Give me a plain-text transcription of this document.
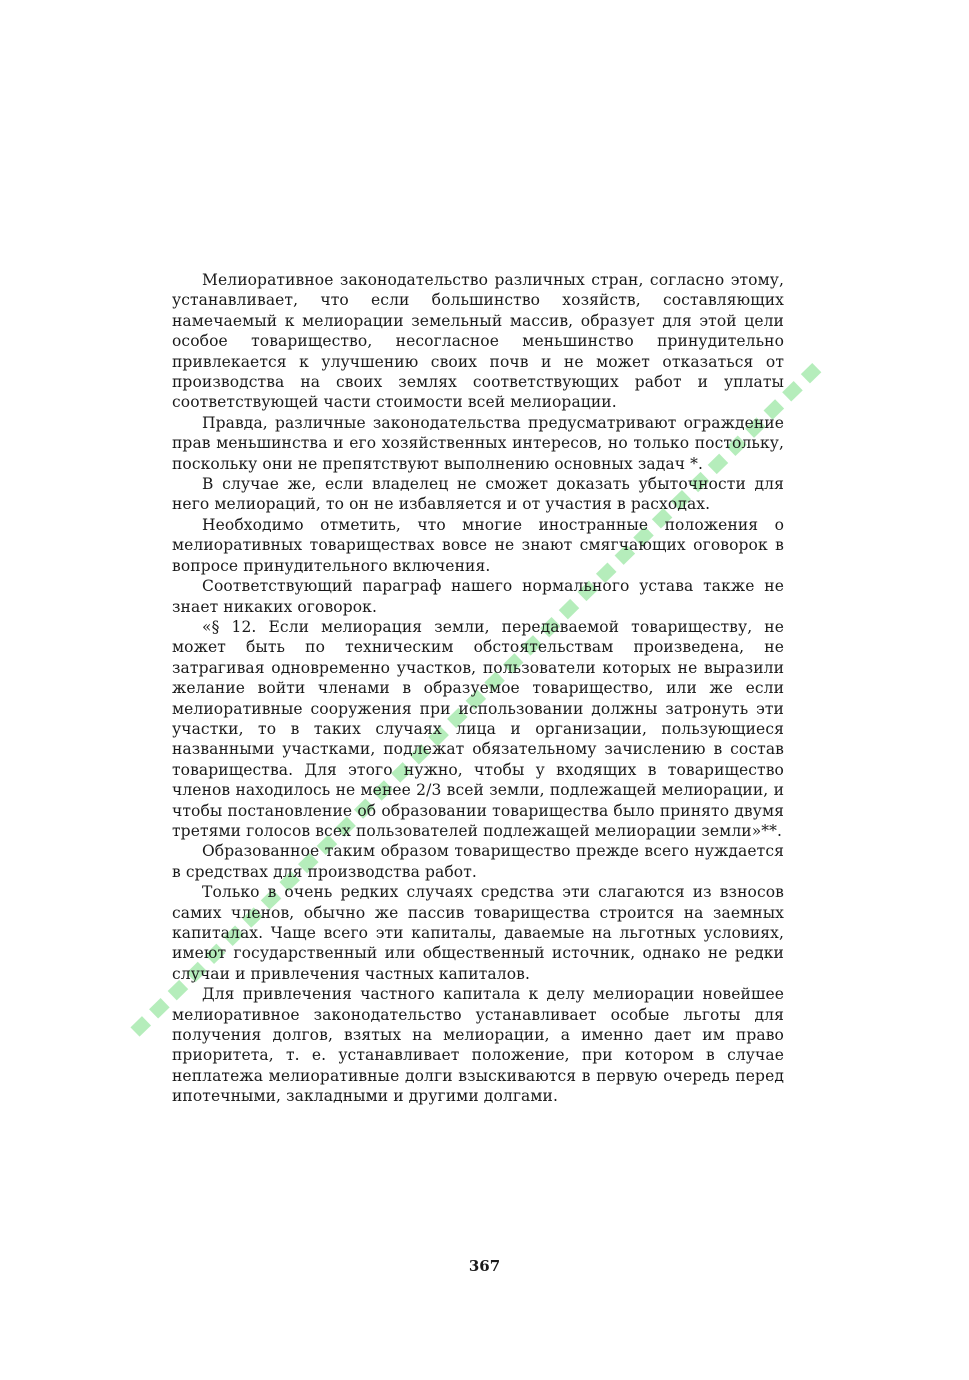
Мелиоративное законодательство различных стран, согласно этому, устанавливает, что если большинство хозяйств, составляющих намечаемый к мелиорации земельный массив, образует для этой цели особое товарищество, несогласное меньшинство принудительно привлекается к улучшению своих почв и не может отказаться от производства на своих землях соответствующих работ и уплаты соответствующей части стоимости всей мелиорации.

Правда, различные законодательства предусматривают ограждение прав меньшинства и его хозяйственных интересов, но только постольку, поскольку они не препятствуют выполнению основных задач *.

В случае же, если владелец не сможет доказать убыточности для него мелиораций, то он не избавляется и от участия в расходах.

Необходимо отметить, что многие иностранные положения о мелиоративных товариществах вовсе не знают смягчающих оговорок в вопросе принудительного включения.

Соответствующий параграф нашего нормального устава также не знает никаких оговорок.

«§ 12. Если мелиорация земли, передаваемой товариществу, не может быть по техническим обстоятельствам произведена, не затрагивая одновременно участков, пользователи которых не выразили желание войти членами в образуемое товарищество, или же если мелиоративные сооружения при использовании должны затронуть эти участки, то в таких случаях лица и организации, пользующиеся названными участками, подлежат обязательному зачислению в состав товарищества. Для этого нужно, чтобы у входящих в товарищество членов находилось не менее 2/3 всей земли, подлежащей мелиорации, и чтобы постановление об образовании товарищества было принято двумя третями голосов всех пользователей подлежащей мелиорации земли»**.

Образованное таким образом товарищество прежде всего нуждается в средствах для производства работ.

Только в очень редких случаях средства эти слагаются из взносов самих членов, обычно же пассив товарищества строится на заемных капиталах. Чаще всего эти капиталы, даваемые на льготных условиях, имеют государственный или общественный источник, однако не редки случаи и привлечения частных капиталов.

Для привлечения частного капитала к делу мелиорации новейшее мелиоративное законодательство устанавливает особые льготы для получения долгов, взятых на мелиорации, а именно дает им право приоритета, т. е. устанавливает положение, при котором в случае неплатежа мелиоративные долги взыскиваются в первую очередь перед ипотечными, закладными и другими долгами.

367
